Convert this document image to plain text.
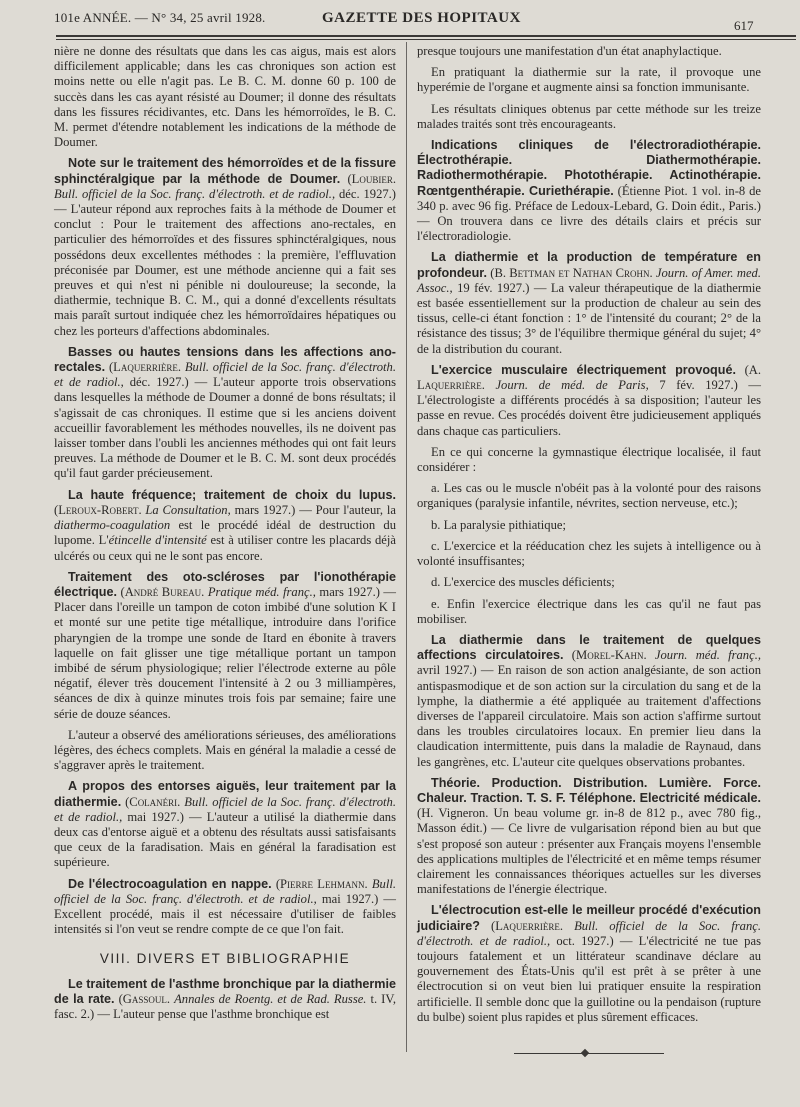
101e ANNÉE. — N° 34, 25 avril 1928.	GAZETTE DES HOPITAUX	617

nière ne donne des résultats que dans les cas aigus, mais est alors difficilement applicable; dans les cas chroniques son action est moins nette ou elle n'agit pas. Le B. C. M. donne 60 p. 100 de succès dans les cas ayant résisté au Doumer; il donne des résultats dans les fissures récidivantes, etc. Dans les hémorroïdes, le B. C. M. permet d'étendre notablement les indications de la méthode de Doumer.

Note sur le traitement des hémorroïdes et de la fissure sphinctéralgique par la méthode de Doumer. (Loubier. Bull. officiel de la Soc. franç. d'électroth. et de radiol., déc. 1927.) — L'auteur répond aux reproches faits à la méthode de Doumer et conclut : Pour le traitement des affections ano-rectales, en particulier des hémorroïdes et des fissures sphinctéralgiques, nous possédons deux excellentes méthodes : la première, l'effluvation préconisée par Doumer, est une méthode ancienne qui a fait ses preuves et qui n'est ni pénible ni douloureuse; la seconde, la diathermie, technique B. C. M., qui a donné d'excellents résultats mais paraît surtout indiquée chez les hémorroïdaires hépatiques ou chez les porteurs d'affections abdominales.

Basses ou hautes tensions dans les affections ano-rectales. (Laquerrière. Bull. officiel de la Soc. franç. d'électroth. et de radiol., déc. 1927.) — L'auteur apporte trois observations dans lesquelles la méthode de Doumer a donné de bons résultats; il s'agissait de cas chroniques. Il estime que si les anciens doivent accueillir favorablement les méthodes nouvelles, ils ne doivent pas laisser tomber dans l'oubli les anciennes méthodes qui ont fait leurs preuves. La méthode de Doumer et le B. C. M. sont deux procédés qu'il faut garder précieusement.

La haute fréquence; traitement de choix du lupus. (Leroux-Robert. La Consultation, mars 1927.) — Pour l'auteur, la diathermo-coagulation est le procédé idéal de destruction du lupome. L'étincelle d'intensité est à utiliser contre les placards déjà ulcérés ou ceux qui ne le sont pas encore.

Traitement des oto-scléroses par l'ionothérapie électrique. (André Bureau. Pratique méd. franç., mars 1927.) — Placer dans l'oreille un tampon de coton imbibé d'une solution K I et monté sur une petite tige métallique, introduire dans l'orifice pharyngien de la trompe une sonde de Itard en ébonite à travers laquelle on fait glisser une tige métallique portant un tampon imbibé de sérum physiologique; relier l'électrode externe au pôle négatif, élever très doucement l'intensité à 2 ou 3 milliampères, séances de dix à quinze minutes trois fois par semaine; faire une série de douze séances.

L'auteur a observé des améliorations sérieuses, des améliorations légères, des échecs complets. Mais en général la maladie a cessé de s'aggraver après le traitement.

A propos des entorses aiguës, leur traitement par la diathermie. (Colanéri. Bull. officiel de la Soc. franç. d'électroth. et de radiol., mai 1927.) — L'auteur a utilisé la diathermie dans deux cas d'entorse aiguë et a obtenu des résultats aussi satisfaisants que ceux de la faradisation. Mais en général la faradisation est supérieure.

De l'électrocoagulation en nappe. (Pierre Lehmann. Bull. officiel de la Soc. franç. d'électroth. et de radiol., mai 1927.) — Excellent procédé, mais il est nécessaire d'utiliser de faibles intensités si l'on veut se rendre compte de ce que l'on fait.

VIII. DIVERS ET BIBLIOGRAPHIE

Le traitement de l'asthme bronchique par la diathermie de la rate. (Gassoul. Annales de Roentg. et de Rad. Russe. t. IV, fasc. 2.) — L'auteur pense que l'asthme bronchique est

presque toujours une manifestation d'un état anaphylactique.

En pratiquant la diathermie sur la rate, il provoque une hyperémie de l'organe et augmente ainsi sa fonction immunisante.

Les résultats cliniques obtenus par cette méthode sur les treize malades traités sont très encourageants.

Indications cliniques de l'électroradiothérapie. Électrothérapie. Diathermothérapie. Radiothermothérapie. Photothérapie. Actinothérapie. Rœntgenthérapie. Curiethérapie. (Étienne Piot. 1 vol. in-8 de 340 p. avec 96 fig. Préface de Ledoux-Lebard, G. Doin édit., Paris.) — On trouvera dans ce livre des détails clairs et précis sur l'électroradiologie.

La diathermie et la production de température en profondeur. (B. Bettman et Nathan Crohn. Journ. of Amer. med. Assoc., 19 fév. 1927.) — La valeur thérapeutique de la diathermie est basée essentiellement sur la production de chaleur au sein des tissus, celle-ci étant fonction : 1° de l'intensité du courant; 2° de la résistance des tissus; 3° de l'équilibre thermique général du sujet; 4° de la distribution du courant.

L'exercice musculaire électriquement provoqué. (A. Laquerrière. Journ. de méd. de Paris, 7 fév. 1927.) — L'électrologiste a différents procédés à sa disposition; l'auteur les passe en revue. Ces procédés doivent être judicieusement appliqués dans chaque cas particuliers.

En ce qui concerne la gymnastique électrique localisée, il faut considérer :

a. Les cas ou le muscle n'obéit pas à la volonté pour des raisons organiques (paralysie infantile, névrites, section nerveuse, etc.);

b. La paralysie pithiatique;

c. L'exercice et la rééducation chez les sujets à intelligence ou à volonté insuffisantes;

d. L'exercice des muscles déficients;

e. Enfin l'exercice électrique dans les cas qu'il ne faut pas mobiliser.

La diathermie dans le traitement de quelques affections circulatoires. (Morel-Kahn. Journ. méd. franç., avril 1927.) — En raison de son action analgésiante, de son action antispasmodique et de son action sur la circulation du sang et de la lymphe, la diathermie a été appliquée au traitement d'affections diverses de l'appareil circulatoire. Mais son action s'affirme surtout dans les troubles circulatoires locaux. En premier lieu dans la claudication intermittente, puis dans la maladie de Raynaud, dans les gangrènes, etc. L'auteur cite quelques observations probantes.

Théorie. Production. Distribution. Lumière. Force. Chaleur. Traction. T. S. F. Téléphone. Electricité médicale. (H. Vigneron. Un beau volume gr. in-8 de 812 p., avec 780 fig., Masson édit.) — Ce livre de vulgarisation répond bien au but que s'est proposé son auteur : présenter aux Français moyens l'ensemble des applications multiples de l'électricité et en même temps résumer clairement les connaissances théoriques actuelles sur les diverses manifestations de l'énergie électrique.

L'électrocution est-elle le meilleur procédé d'exécution judiciaire? (Laquerrière. Bull. officiel de la Soc. franç. d'électroth. et de radiol., oct. 1927.) — L'électricité ne tue pas toujours fatalement et un littérateur scandinave déclare au gouvernement des États-Unis qu'il est prêt à se prêter à une électrocution si on veut bien lui pratiquer ensuite la respiration artificielle. Il semble donc que la guillotine ou la pendaison (rupture du bulbe) soient plus rapides et plus sûrement efficaces.
